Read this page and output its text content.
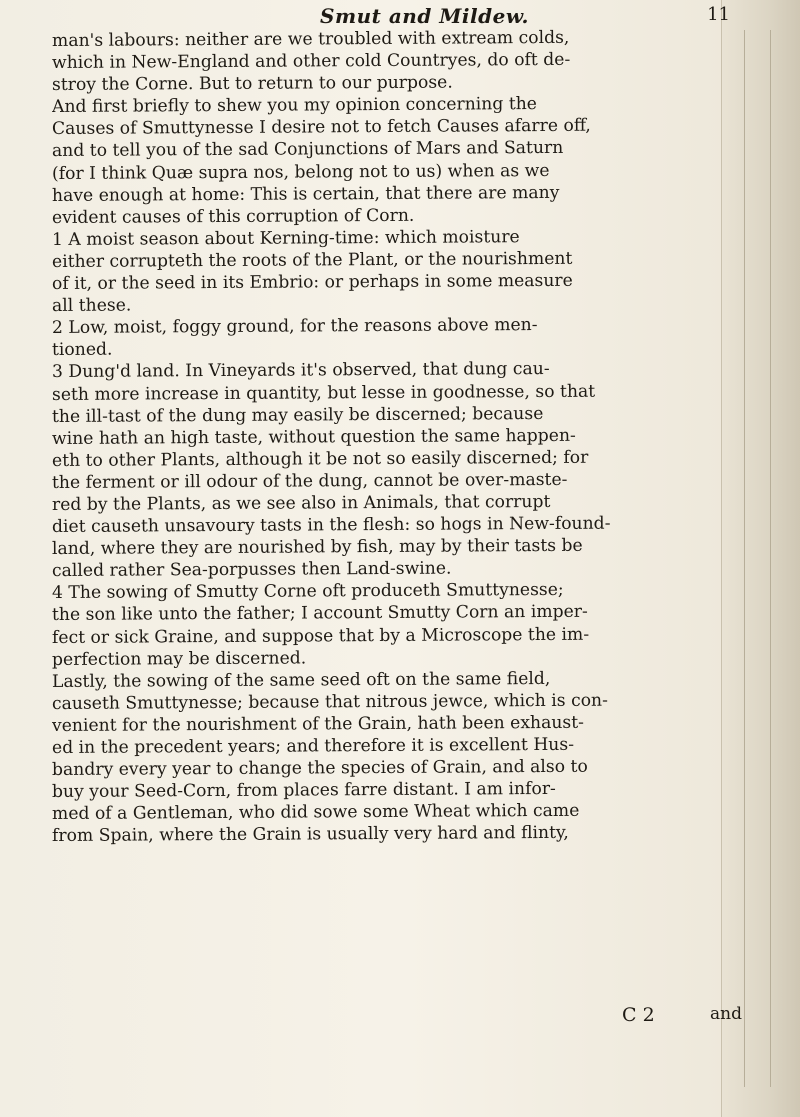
Smut and Mildew.	11
man's labours: neither are we troubled with extream colds,
which in New-England and other cold Countryes, do oft de-
stroy the Corne. But to return to our purpose.
And first briefly to shew you my opinion concerning the
Causes of Smuttynesse I desire not to fetch Causes afarre off,
and to tell you of the sad Conjunctions of Mars and Saturn
(for I think Quæ supra nos, belong not to us) when as we
have enough at home: This is certain, that there are many
evident causes of this corruption of Corn.
1 A moist season about Kerning-time: which moisture
either corrupteth the roots of the Plant, or the nourishment
of it, or the seed in its Embrio: or perhaps in some measure
all these.
2 Low, moist, foggy ground, for the reasons above men-
tioned.
3 Dung'd land. In Vineyards it's observed, that dung cau-
seth more increase in quantity, but lesse in goodnesse, so that
the ill-tast of the dung may easily be discerned; because
wine hath an high taste, without question the same happen-
eth to other Plants, although it be not so easily discerned; for
the ferment or ill odour of the dung, cannot be over-maste-
red by the Plants, as we see also in Animals, that corrupt
diet causeth unsavoury tasts in the flesh: so hogs in New-found-
land, where they are nourished by fish, may by their tasts be
called rather Sea-porpusses then Land-swine.
4 The sowing of Smutty Corne oft produceth Smuttynesse;
the son like unto the father; I account Smutty Corn an imper-
fect or sick Graine, and suppose that by a Microscope the im-
perfection may be discerned.
Lastly, the sowing of the same seed oft on the same field,
causeth Smuttynesse; because that nitrous jewce, which is con-
venient for the nourishment of the Grain, hath been exhaust-
ed in the precedent years; and therefore it is excellent Hus-
bandry every year to change the species of Grain, and also to
buy your Seed-Corn, from places farre distant. I am infor-
med of a Gentleman, who did sowe some Wheat which came
from Spain, where the Grain is usually very hard and flinty,
C 2	and
